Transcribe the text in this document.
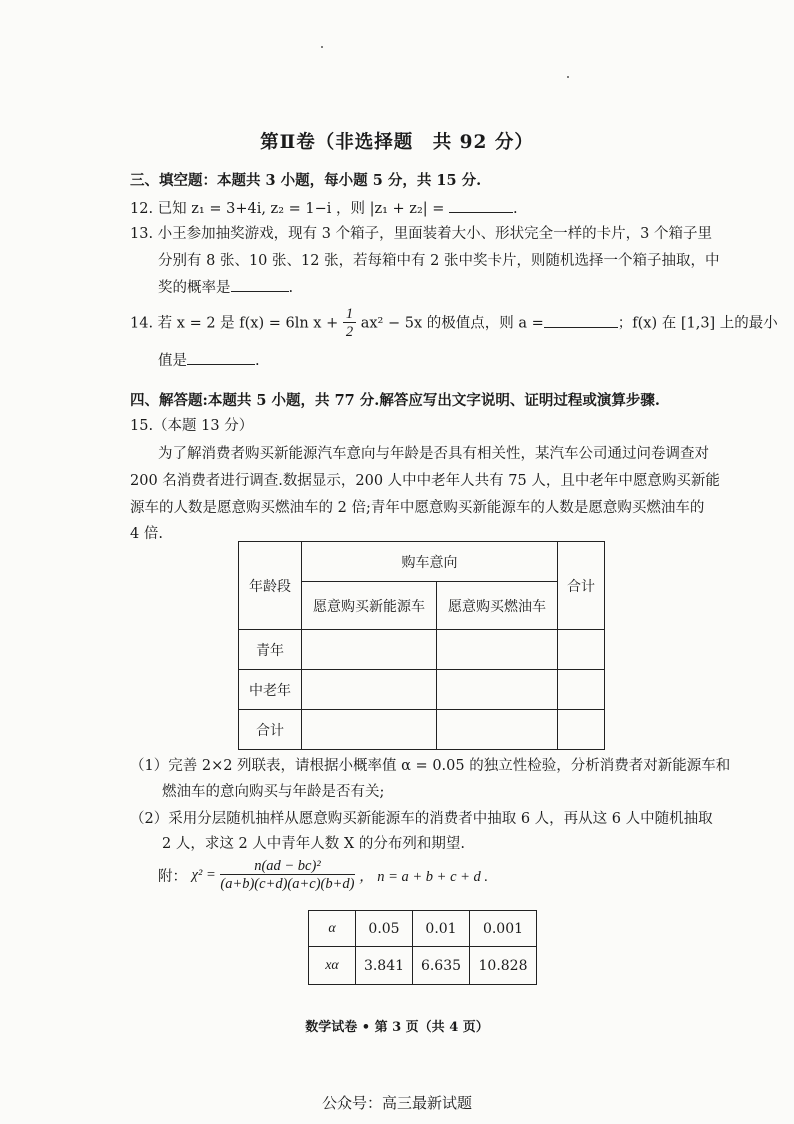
第Ⅱ卷（非选择题　共 92 分）
三、填空题：本题共 3 小题，每小题 5 分，共 15 分.
12. 已知 z₁ = 3+4i, z₂ = 1−i ，则 |z₁ + z₂| =	.
13. 小王参加抽奖游戏，现有 3 个箱子，里面装着大小、形状完全一样的卡片，3 个箱子里
分别有 8 张、10 张、12 张，若每箱中有 2 张中奖卡片，则随机选择一个箱子抽取，中
奖的概率是	.
14. 若 x = 2 是 f(x) = 6ln $x + \frac{1}{2} ax^2 - 5x$ 的极值点，则 a =	；f(x) 在 [1,3] 上的最小
值是	.
四、解答题:本题共 5 小题，共 77 分.解答应写出文字说明、证明过程或演算步骤.
15.（本题 13 分）
为了解消费者购买新能源汽车意向与年龄是否具有相关性，某汽车公司通过问卷调查对
200 名消费者进行调查.数据显示，200 人中中老年人共有 75 人，且中老年中愿意购买新能
源车的人数是愿意购买燃油车的 2 倍;青年中愿意购买新能源车的人数是愿意购买燃油车的
4 倍.
年龄段	购车意向		合计
	愿意购买新能源车	愿意购买燃油车	
青年			
中老年			
合计			
（1）完善 2×2 列联表，请根据小概率值 α = 0.05 的独立性检验，分析消费者对新能源车和
燃油车的意向购买与年龄是否有关;
（2）采用分层随机抽样从愿意购买新能源车的消费者中抽取 6 人，再从这 6 人中随机抽取
2 人，求这 2 人中青年人数 X 的分布列和期望.
附： $\chi^2 = \frac{\text{n(ad − bc)²}}{(a+b)(c+d)(a+c)(b+d)}$ ， n = a + b + c + d .
α	0.05	0.01	0.001
xα	3.841	6.635	10.828
数学试卷 • 第 3 页（共 4 页）
公众号：高三最新试题
